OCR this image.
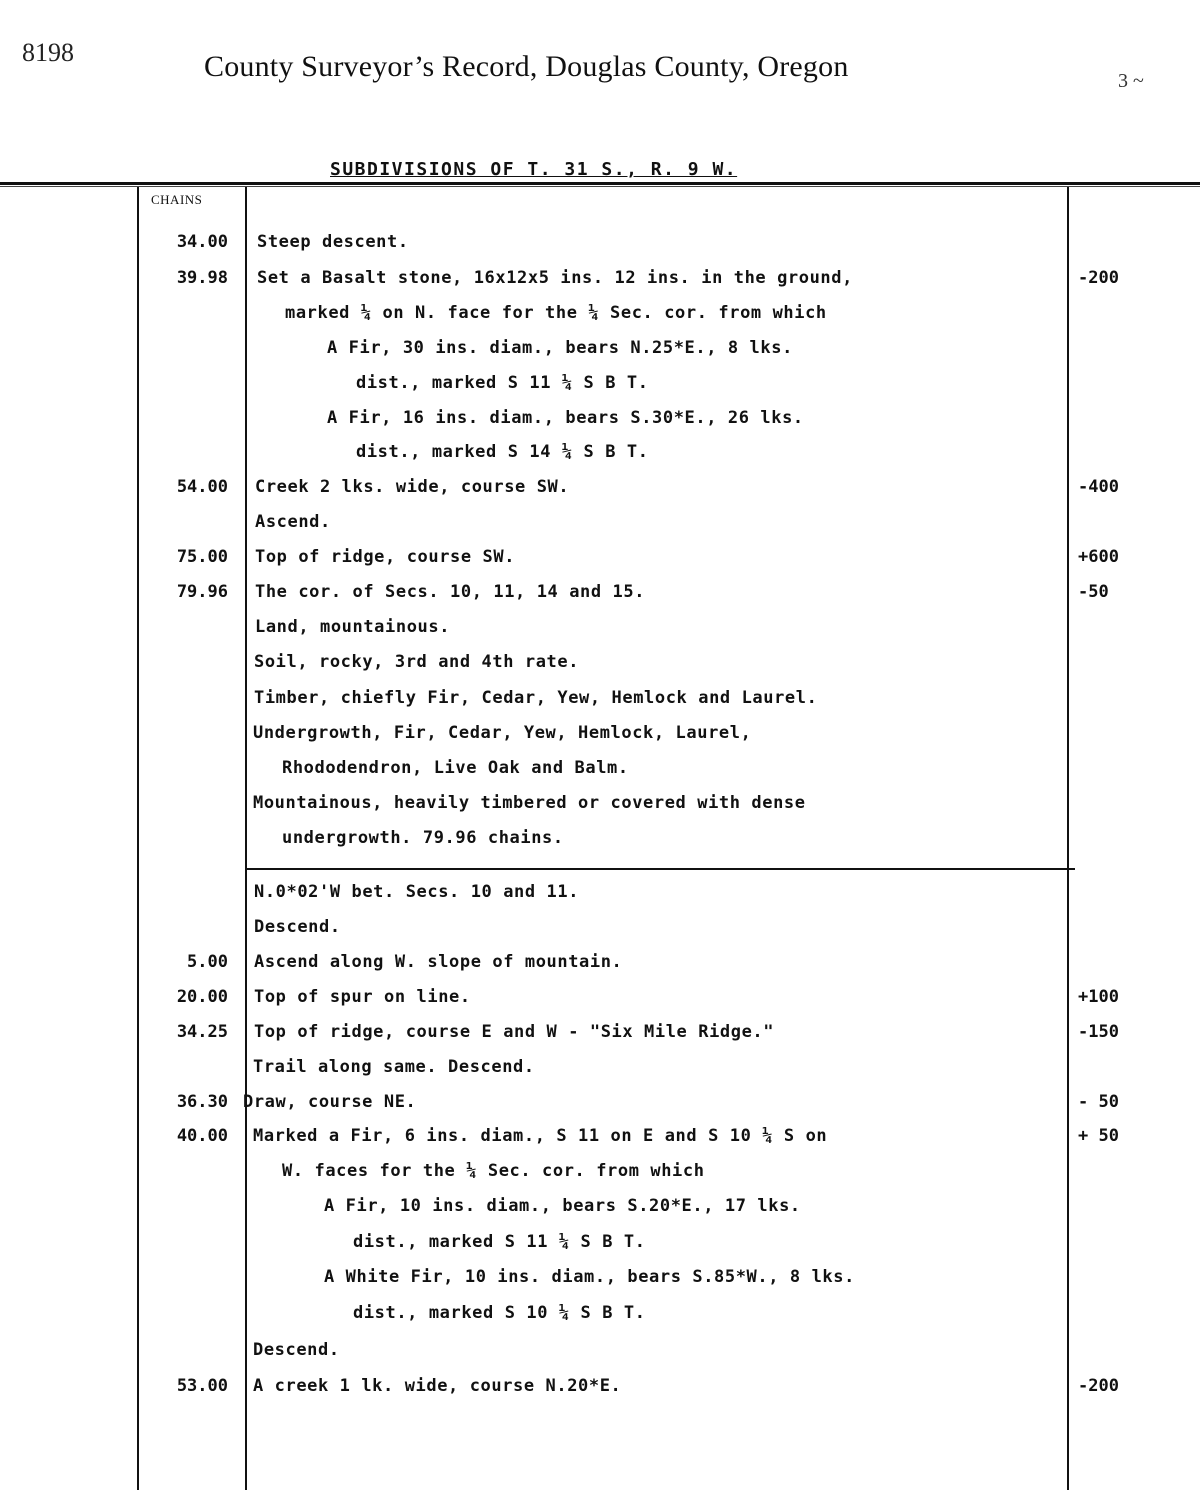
8198	County Surveyor’s Record, Douglas County, Oregon	3 ~
SUBDIVISIONS OF T. 31 S., R. 9 W.
CHAINS
34.00 Steep descent.
39.98 Set a Basalt stone, 16x12x5 ins. 12 ins. in the ground,	-200
marked ¼ on N. face for the ¼ Sec. cor. from which
A Fir, 30 ins. diam., bears N.25*E., 8 lks.
dist., marked S 11 ¼ S B T.
A Fir, 16 ins. diam., bears S.30*E., 26 lks.
dist., marked S 14 ¼ S B T.
54.00 Creek 2 lks. wide, course SW.	-400
Ascend.
75.00 Top of ridge, course SW.	+600
79.96 The cor. of Secs. 10, 11, 14 and 15.	-50
Land, mountainous.
Soil, rocky, 3rd and 4th rate.
Timber, chiefly Fir, Cedar, Yew, Hemlock and Laurel.
Undergrowth, Fir, Cedar, Yew, Hemlock, Laurel,
Rhododendron, Live Oak and Balm.
Mountainous, heavily timbered or covered with dense
undergrowth. 79.96 chains.
N.0*02'W bet. Secs. 10 and 11.
Descend.
5.00 Ascend along W. slope of mountain.
20.00 Top of spur on line.	+100
34.25 Top of ridge, course E and W - "Six Mile Ridge."	-150
Trail along same. Descend.
36.30 Draw, course NE.	- 50
40.00 Marked a Fir, 6 ins. diam., S 11 on E and S 10 ¼ S on	+ 50
W. faces for the ¼ Sec. cor. from which
A Fir, 10 ins. diam., bears S.20*E., 17 lks.
dist., marked S 11 ¼ S B T.
A White Fir, 10 ins. diam., bears S.85*W., 8 lks.
dist., marked S 10 ¼ S B T.
Descend.
53.00 A creek 1 lk. wide, course N.20*E.	-200
